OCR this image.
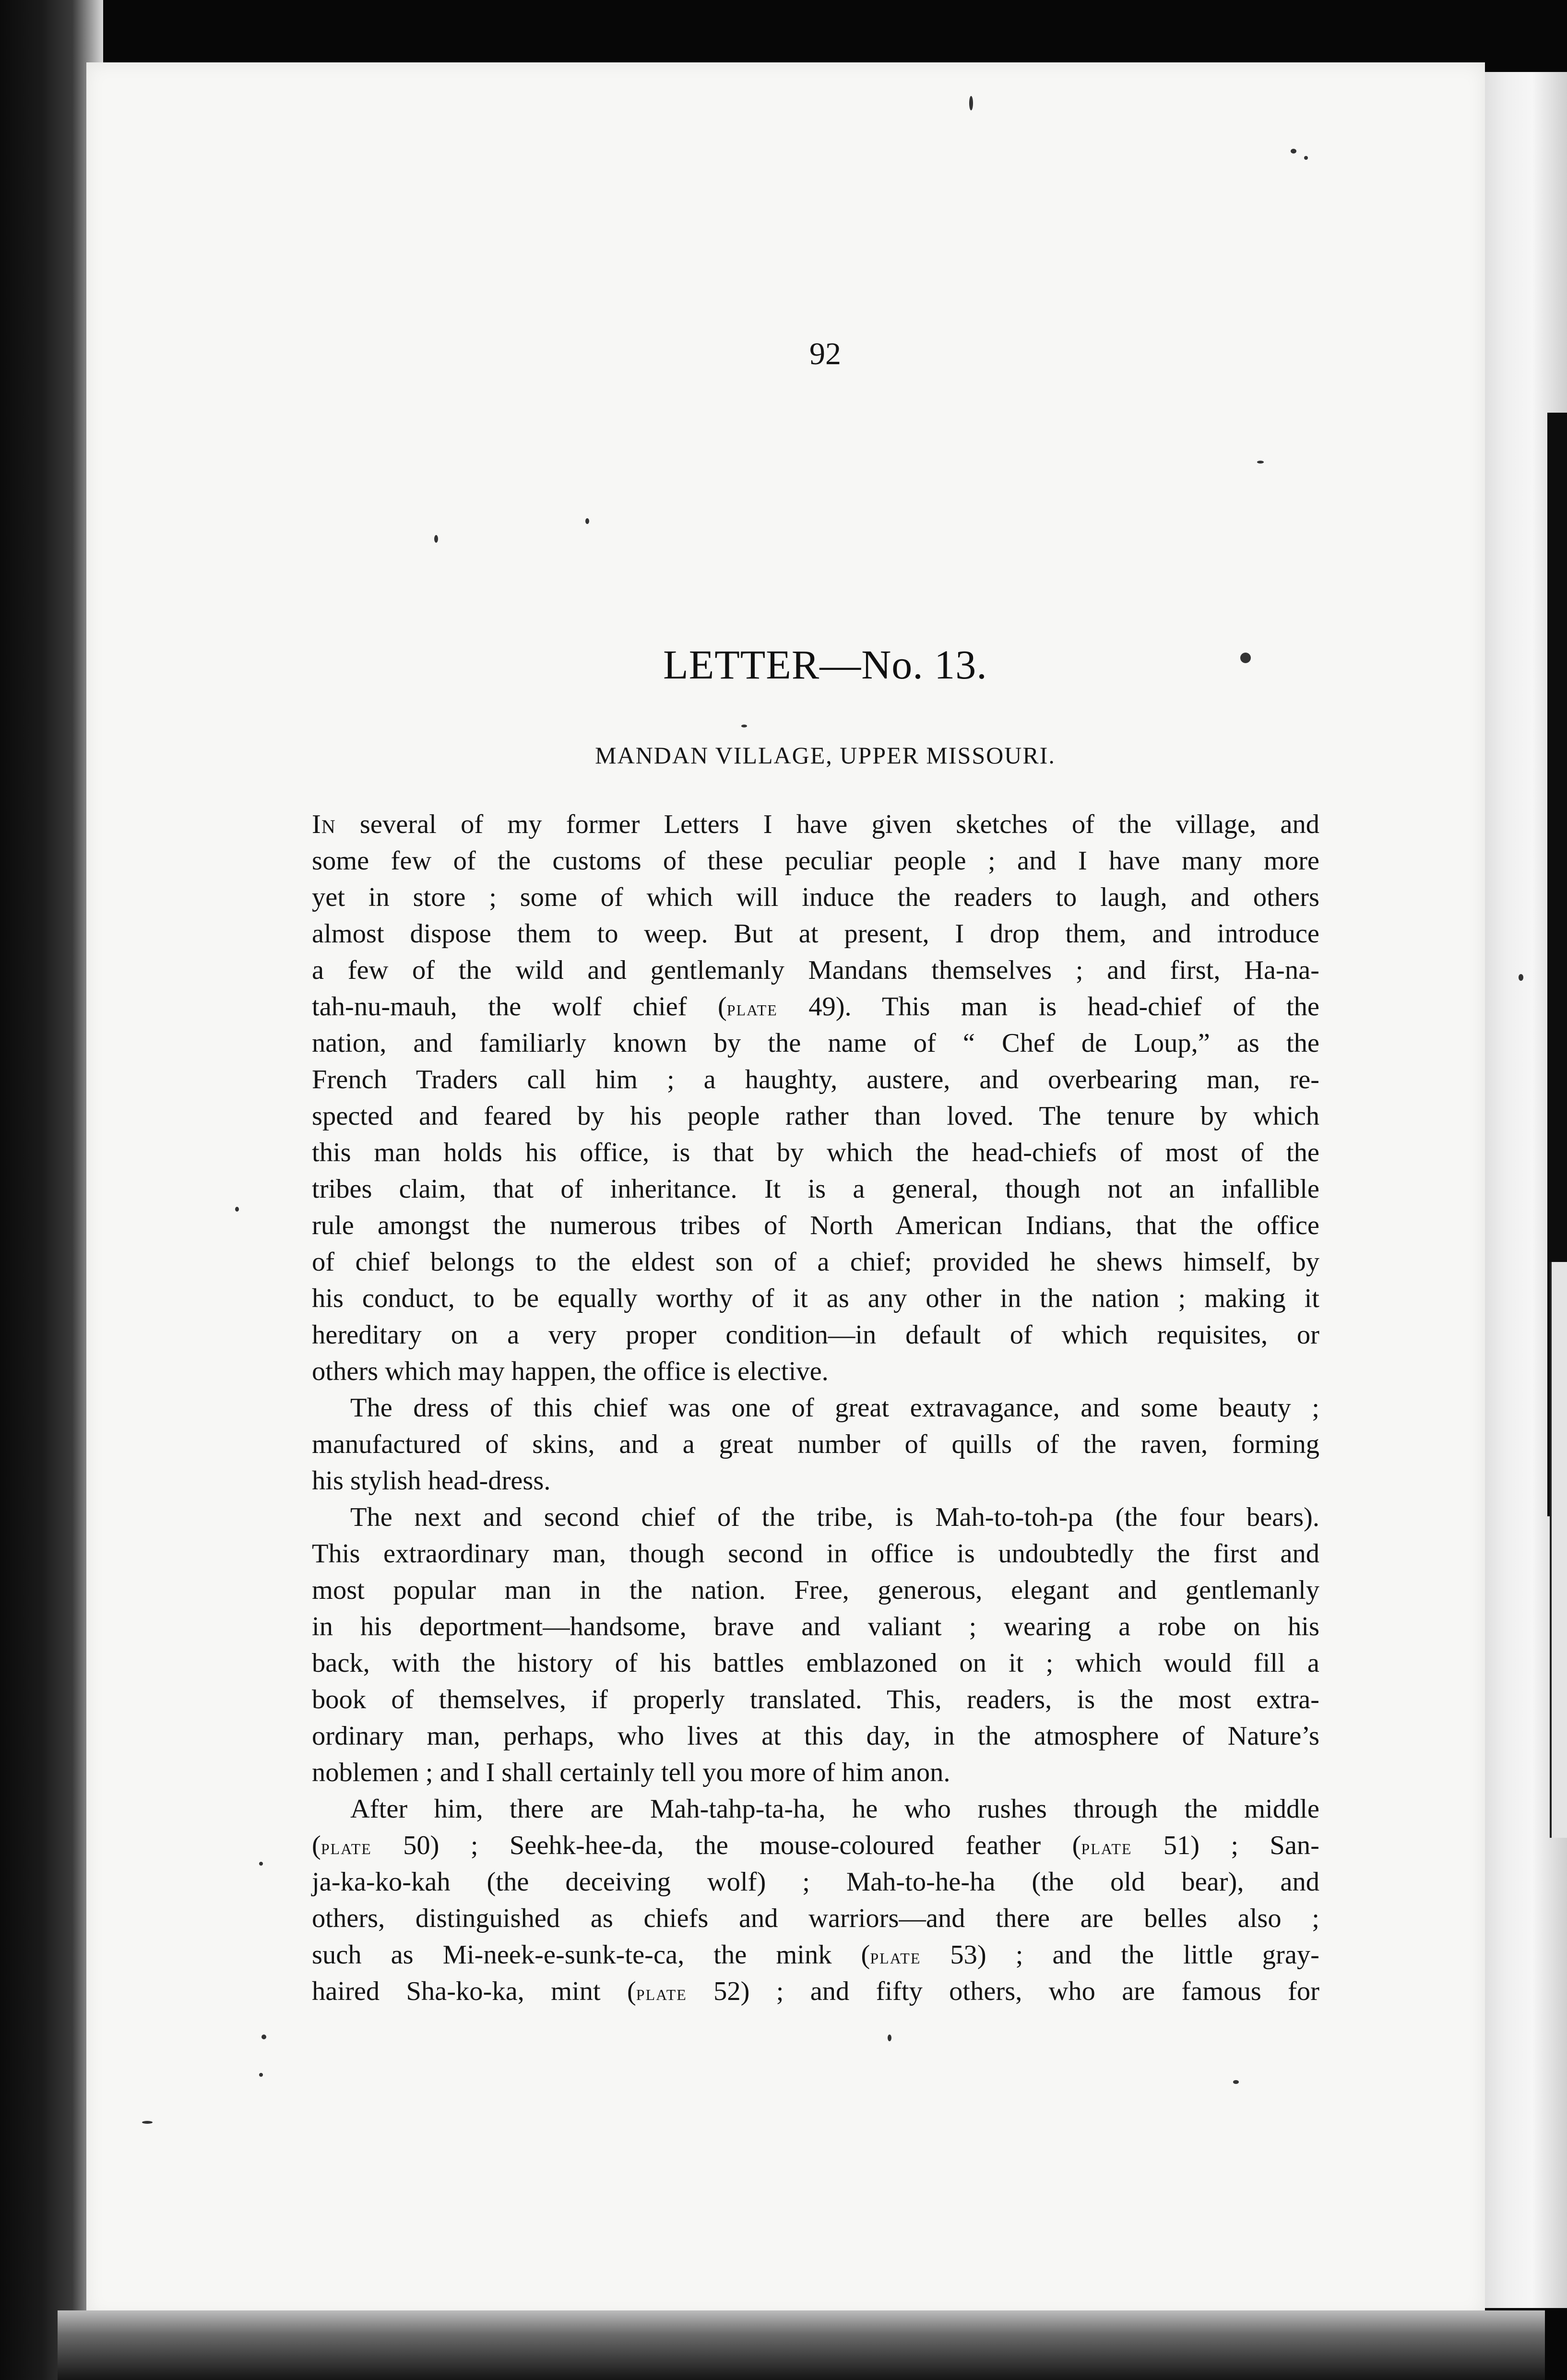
92
LETTER—No. 13.
MANDAN VILLAGE, UPPER MISSOURI.
In several of my former Letters I have given sketches of the village, and
some few of the customs of these peculiar people ; and I have many more
yet in store ; some of which will induce the readers to laugh, and others
almost dispose them to weep. But at present, I drop them, and introduce
a few of the wild and gentlemanly Mandans themselves ; and first, Ha-na-
tah-nu-mauh, the wolf chief (plate 49). This man is head-chief of the
nation, and familiarly known by the name of “ Chef de Loup,” as the
French Traders call him ; a haughty, austere, and overbearing man, re-
spected and feared by his people rather than loved. The tenure by which
this man holds his office, is that by which the head-chiefs of most of the
tribes claim, that of inheritance. It is a general, though not an infallible
rule amongst the numerous tribes of North American Indians, that the office
of chief belongs to the eldest son of a chief; provided he shews himself, by
his conduct, to be equally worthy of it as any other in the nation ; making it
hereditary on a very proper condition—in default of which requisites, or
others which may happen, the office is elective.
The dress of this chief was one of great extravagance, and some beauty ;
manufactured of skins, and a great number of quills of the raven, forming
his stylish head-dress.
The next and second chief of the tribe, is Mah-to-toh-pa (the four bears).
This extraordinary man, though second in office is undoubtedly the first and
most popular man in the nation. Free, generous, elegant and gentlemanly
in his deportment—handsome, brave and valiant ; wearing a robe on his
back, with the history of his battles emblazoned on it ; which would fill a
book of themselves, if properly translated. This, readers, is the most extra-
ordinary man, perhaps, who lives at this day, in the atmosphere of Nature’s
noblemen ; and I shall certainly tell you more of him anon.
After him, there are Mah-tahp-ta-ha, he who rushes through the middle
(plate 50) ; Seehk-hee-da, the mouse-coloured feather (plate 51) ; San-
ja-ka-ko-kah (the deceiving wolf) ; Mah-to-he-ha (the old bear), and
others, distinguished as chiefs and warriors—and there are belles also ;
such as Mi-neek-e-sunk-te-ca, the mink (plate 53) ; and the little gray-
haired Sha-ko-ka, mint (plate 52) ; and fifty others, who are famous for
